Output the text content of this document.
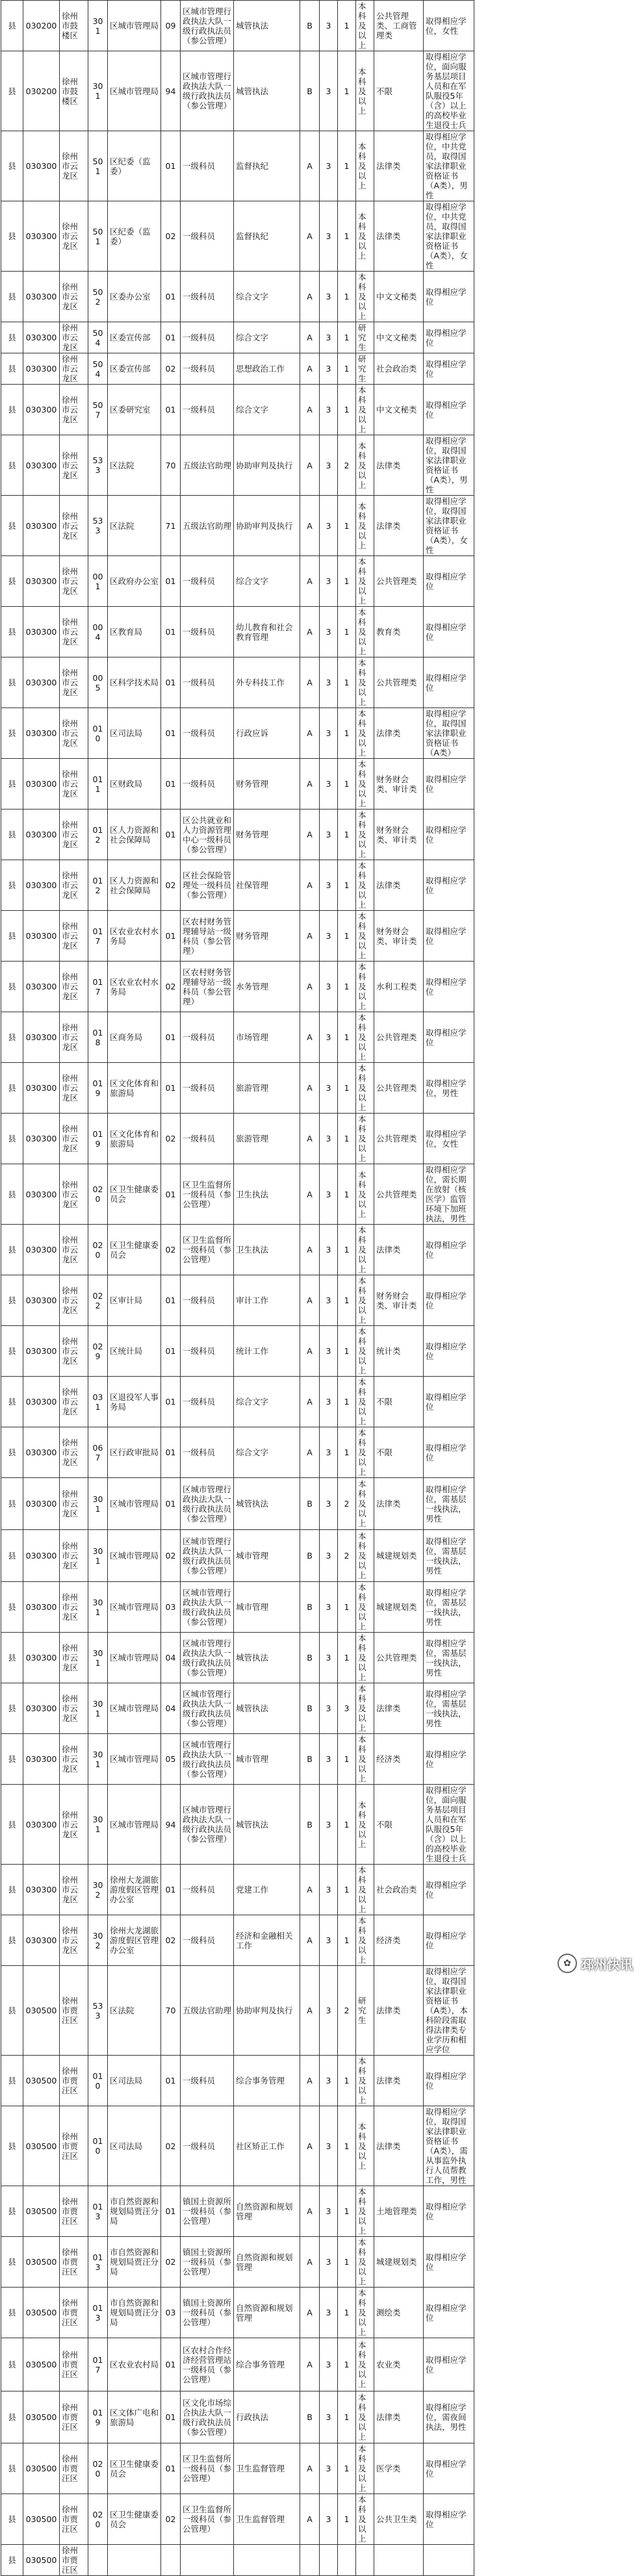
县	030200	徐州市鼓楼区	301	区城市管理局	09	区城市管理行政执法大队一级行政执法员（参公管理）	城管执法	B	3	1	本科及以上	公共管理类、工商管理类	取得相应学位，女性
县	030200	徐州市鼓楼区	301	区城市管理局	94	区城市管理行政执法大队一级行政执法员（参公管理）	城管执法	B	3	1	本科及以上	不限	取得相应学位，面向服务基层项目人员和在军队服役5年（含）以上的高校毕业生退役士兵
县	030300	徐州市云龙区	501	区纪委（监委）	01	一级科员	监督执纪	A	3	1	本科及以上	法律类	取得相应学位，中共党员，取得国家法律职业资格证书（A类），男性
县	030300	徐州市云龙区	501	区纪委（监委）	02	一级科员	监督执纪	A	3	1	本科及以上	法律类	取得相应学位，中共党员，取得国家法律职业资格证书（A类），女性
县	030300	徐州市云龙区	502	区委办公室	01	一级科员	综合文字	A	3	1	本科及以上	中文文秘类	取得相应学位
县	030300	徐州市云龙区	504	区委宣传部	01	一级科员	综合文字	A	3	1	研究生	中文文秘类	取得相应学位
县	030300	徐州市云龙区	504	区委宣传部	02	一级科员	思想政治工作	A	3	1	研究生	社会政治类	取得相应学位
县	030300	徐州市云龙区	507	区委研究室	01	一级科员	综合文字	A	3	1	本科及以上	中文文秘类	取得相应学位
县	030300	徐州市云龙区	533	区法院	70	五级法官助理	协助审判及执行	A	3	2	本科及以上	法律类	取得相应学位，取得国家法律职业资格证书（A类），男性
县	030300	徐州市云龙区	533	区法院	71	五级法官助理	协助审判及执行	A	3	1	本科及以上	法律类	取得相应学位，取得国家法律职业资格证书（A类），女性
县	030300	徐州市云龙区	001	区政府办公室	01	一级科员	综合文字	A	3	1	本科及以上	公共管理类	取得相应学位
县	030300	徐州市云龙区	004	区教育局	01	一级科员	幼儿教育和社会教育管理	A	3	1	本科及以上	教育类	取得相应学位
县	030300	徐州市云龙区	005	区科学技术局	01	一级科员	外专科技工作	A	3	1	本科及以上	公共管理类	取得相应学位
县	030300	徐州市云龙区	010	区司法局	01	一级科员	行政应诉	A	3	1	本科及以上	法律类	取得相应学位，取得国家法律职业资格证书（A类）
县	030300	徐州市云龙区	011	区财政局	01	一级科员	财务管理	A	3	1	本科及以上	财务财会类、审计类	取得相应学位
县	030300	徐州市云龙区	012	区人力资源和社会保障局	01	区公共就业和人力资源管理中心一级科员（参公管理）	财务管理	A	3	1	本科及以上	财务财会类、审计类	取得相应学位
县	030300	徐州市云龙区	012	区人力资源和社会保障局	02	区社会保险管理处一级科员（参公管理）	社保管理	A	3	1	本科及以上	法律类	取得相应学位
县	030300	徐州市云龙区	017	区农业农村水务局	01	区农村财务管理辅导站一级科员（参公管理）	财务管理	A	3	1	本科及以上	财务财会类、审计类	取得相应学位
县	030300	徐州市云龙区	017	区农业农村水务局	02	区农村财务管理辅导站一级科员（参公管理）	水务管理	A	3	1	本科及以上	水利工程类	取得相应学位
县	030300	徐州市云龙区	018	区商务局	01	一级科员	市场管理	A	3	1	本科及以上	公共管理类	取得相应学位
县	030300	徐州市云龙区	019	区文化体育和旅游局	01	一级科员	旅游管理	A	3	1	本科及以上	公共管理类	取得相应学位，男性
县	030300	徐州市云龙区	019	区文化体育和旅游局	02	一级科员	旅游管理	A	3	1	本科及以上	公共管理类	取得相应学位，女性
县	030300	徐州市云龙区	020	区卫生健康委员会	01	区卫生监督所一级科员（参公管理）	卫生执法	A	3	1	本科及以上	公共管理类	取得相应学位，需长期在放射（核医学）监管环境下加班执法，男性
县	030300	徐州市云龙区	020	区卫生健康委员会	02	区卫生监督所一级科员（参公管理）	卫生执法	A	3	1	本科及以上	法律类	取得相应学位
县	030300	徐州市云龙区	022	区审计局	01	一级科员	审计工作	A	3	1	本科及以上	财务财会类、审计类	取得相应学位
县	030300	徐州市云龙区	029	区统计局	01	一级科员	统计工作	A	3	1	本科及以上	统计类	取得相应学位
县	030300	徐州市云龙区	031	区退役军人事务局	01	一级科员	综合文字	A	3	1	本科及以上	不限	取得相应学位
县	030300	徐州市云龙区	067	区行政审批局	01	一级科员	综合文字	A	3	1	本科及以上	不限	取得相应学位
县	030300	徐州市云龙区	301	区城市管理局	01	区城市管理行政执法大队一级行政执法员（参公管理）	城管执法	B	3	2	本科及以上	法律类	取得相应学位，需基层一线执法，男性
县	030300	徐州市云龙区	301	区城市管理局	02	区城市管理行政执法大队一级行政执法员（参公管理）	城市管理	B	3	2	本科及以上	城建规划类	取得相应学位，需基层一线执法，男性
县	030300	徐州市云龙区	301	区城市管理局	03	区城市管理行政执法大队一级行政执法员（参公管理）	城市管理	B	3	1	本科及以上	城建规划类	取得相应学位，需基层一线执法，男性
县	030300	徐州市云龙区	301	区城市管理局	04	区城市管理行政执法大队一级行政执法员（参公管理）	城管执法	B	3	1	本科及以上	公共管理类	取得相应学位，需基层一线执法，男性
县	030300	徐州市云龙区	301	区城市管理局	04	区城市管理行政执法大队一级行政执法员（参公管理）	城管执法	B	3	3	本科及以上	法律类	取得相应学位，需基层一线执法，男性
县	030300	徐州市云龙区	301	区城市管理局	05	区城市管理行政执法大队一级行政执法员（参公管理）	城市管理	B	3	1	本科及以上	经济类	取得相应学位
县	030300	徐州市云龙区	301	区城市管理局	94	区城市管理行政执法大队一级行政执法员（参公管理）	城管执法	B	3	1	本科及以上	不限	取得相应学位，面向服务基层项目人员和在军队服役5年（含）以上的高校毕业生退役士兵
县	030300	徐州市云龙区	302	徐州大龙湖旅游度假区管理办公室	01	一级科员	党建工作	A	3	1	本科及以上	社会政治类	取得相应学位
县	030300	徐州市云龙区	302	徐州大龙湖旅游度假区管理办公室	02	一级科员	经济和金融相关工作	A	3	1	本科及以上	经济类	取得相应学位
县	030500	徐州市贾汪区	533	区法院	70	五级法官助理	协助审判及执行	A	3	2	研究生	法律类	取得相应学位，取得国家法律职业资格证书（A类），本科阶段需取得法律类专业学历和相应学位
县	030500	徐州市贾汪区	010	区司法局	01	一级科员	综合事务管理	A	3	1	本科及以上	法律类	取得相应学位
县	030500	徐州市贾汪区	010	区司法局	02	一级科员	社区矫正工作	A	3	1	本科及以上	法律类	取得相应学位，取得国家法律职业资格证书（A类），需从事监外执行人员帮教工作，男性
县	030500	徐州市贾汪区	013	市自然资源和规划局贾汪分局	01	镇国土资源所一级科员（参公管理）	自然资源和规划管理	A	3	1	本科及以上	土地管理类	取得相应学位
县	030500	徐州市贾汪区	013	市自然资源和规划局贾汪分局	02	镇国土资源所一级科员（参公管理）	自然资源和规划管理	A	3	1	本科及以上	城建规划类	取得相应学位
县	030500	徐州市贾汪区	013	市自然资源和规划局贾汪分局	03	镇国土资源所一级科员（参公管理）	自然资源和规划管理	A	3	1	本科及以上	测绘类	取得相应学位
县	030500	徐州市贾汪区	017	区农业农村局	01	区农村合作经济经营管理站一级科员（参公管理）	综合事务管理	A	3	1	本科及以上	农业类	取得相应学位
县	030500	徐州市贾汪区	019	区文体广电和旅游局	01	区文化市场综合执法大队一级行政执法员（参公管理）	行政执法	B	3	1	本科及以上	法律类	取得相应学位，需夜间执法，男性
县	030500	徐州市贾汪区	020	区卫生健康委员会	01	区卫生监督所一级科员（参公管理）	卫生监督管理	A	3	1	本科及以上	医学类	取得相应学位
县	030500	徐州市贾汪区	020	区卫生健康委员会	02	区卫生监督所一级科员（参公管理）	卫生监督管理	A	3	1	本科及以上	公共卫生类	取得相应学位
县	030500	徐州市贾汪区											
✿ 邳州快讯
